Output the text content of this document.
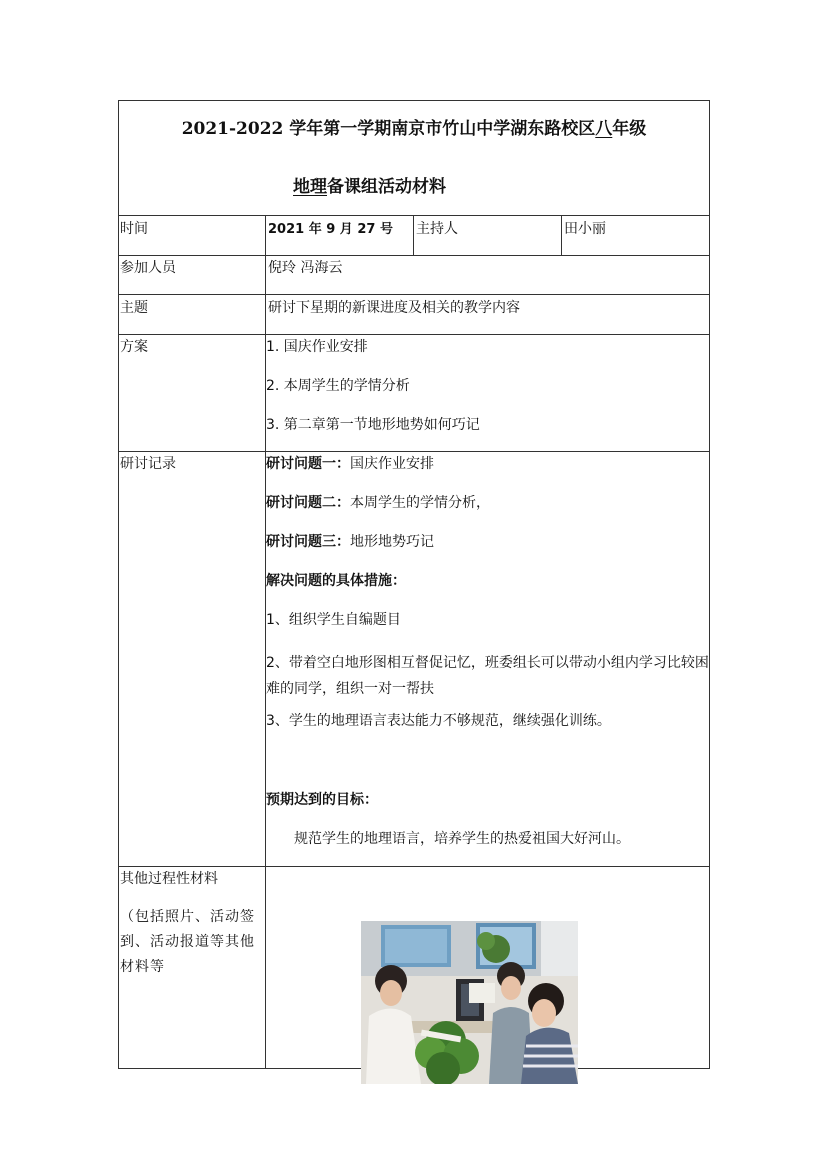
2021-2022 学年第一学期南京市竹山中学湖东路校区八年级
地理备课组活动材料
时间	2021 年 9 月 27 号 主持人	田小丽
参加人员	倪玲 冯海云
主题	研讨下星期的新课进度及相关的教学内容
方案	1. 国庆作业安排
2. 本周学生的学情分析
3. 第二章第一节地形地势如何巧记
研讨记录	研讨问题一：国庆作业安排
研讨问题二：本周学生的学情分析，
研讨问题三：地形地势巧记
解决问题的具体措施：
1、组织学生自编题目
2、带着空白地形图相互督促记忆，班委组长可以带动小组内学习比较困难的同学，组织一对一帮扶
3、学生的地理语言表达能力不够规范，继续强化训练。
预期达到的目标：
规范学生的地理语言，培养学生的热爱祖国大好河山。
其他过程性材料
（包括照片、活动签到、活动报道等其他材料等
